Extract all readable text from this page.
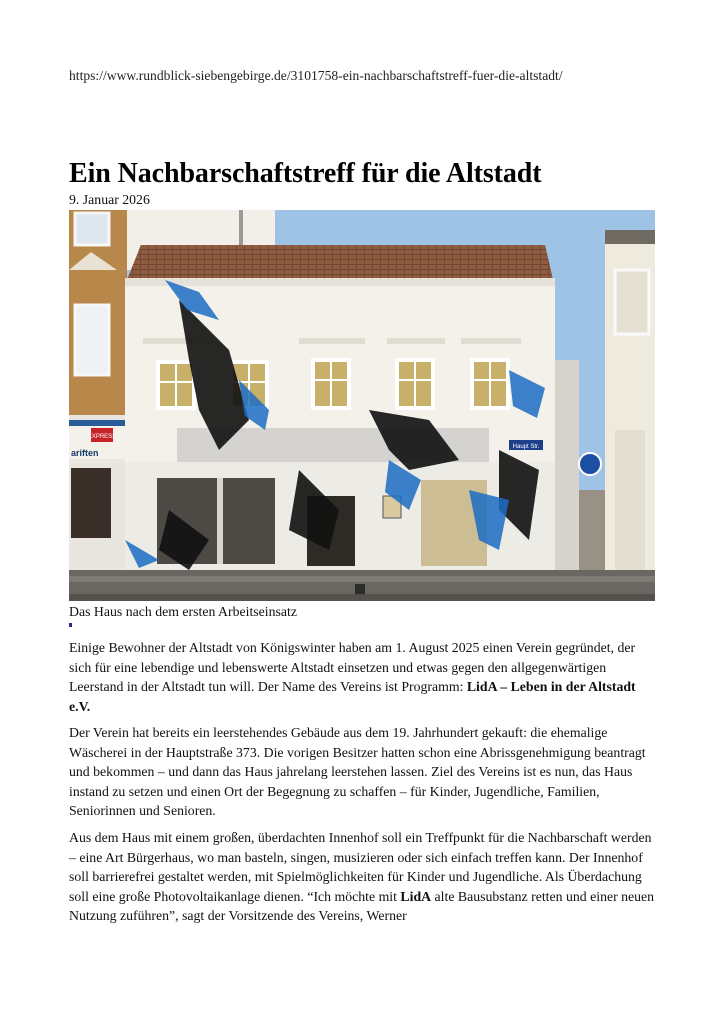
https://www.rundblick-siebengebirge.de/3101758-ein-nachbarschaftstreff-fuer-die-altstadt/
Ein Nachbarschaftstreff für die Altstadt
9. Januar 2026
EXPRESS
ariften
Haupt Str.
Das Haus nach dem ersten Arbeitseinsatz

Einige Bewohner der Altstadt von Königswinter haben am 1. August 2025 einen Verein gegründet, der sich für eine lebendige und lebenswerte Altstadt einsetzen und etwas gegen den allgegenwärtigen Leerstand in der Altstadt tun will. Der Name des Vereins ist Programm: LidA – Leben in der Altstadt e.V.

Der Verein hat bereits ein leerstehendes Gebäude aus dem 19. Jahrhundert gekauft: die ehemalige Wäscherei in der Hauptstraße 373. Die vorigen Besitzer hatten schon eine Abrissgenehmigung beantragt und bekommen – und dann das Haus jahrelang leerstehen lassen. Ziel des Vereins ist es nun, das Haus instand zu setzen und einen Ort der Begegnung zu schaffen – für Kinder, Jugendliche, Familien, Seniorinnen und Senioren.

Aus dem Haus mit einem großen, überdachten Innenhof soll ein Treffpunkt für die Nachbarschaft werden – eine Art Bürgerhaus, wo man basteln, singen, musizieren oder sich einfach treffen kann. Der Innenhof soll barrierefrei gestaltet werden, mit Spielmöglichkeiten für Kinder und Jugendliche. Als Überdachung soll eine große Photovoltaikanlage dienen. “Ich möchte mit LidA alte Bausubstanz retten und einer neuen Nutzung zuführen”, sagt der Vorsitzende des Vereins, Werner
